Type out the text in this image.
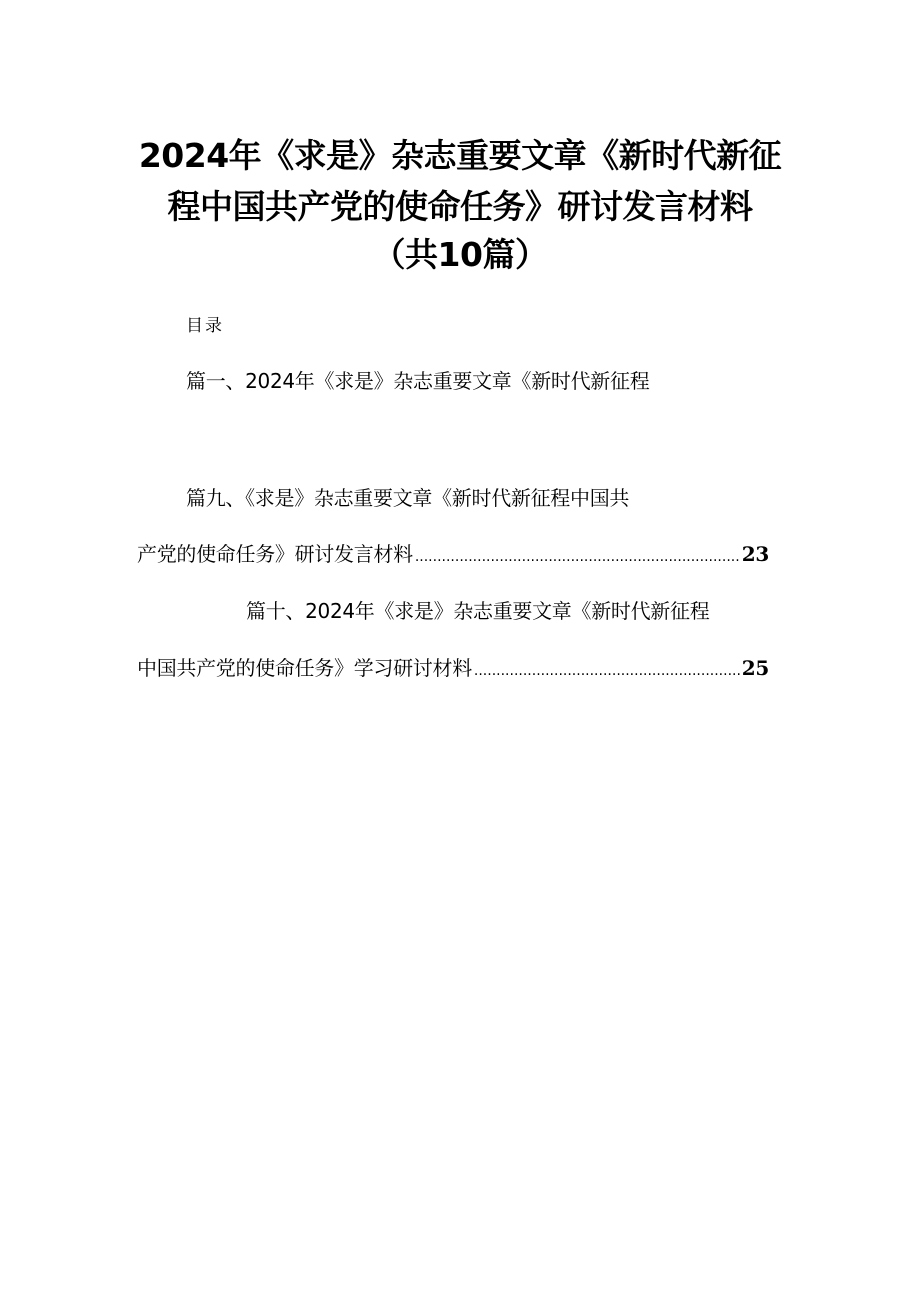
2024年《求是》杂志重要文章《新时代新征
程中国共产党的使命任务》研讨发言材料
（共10篇）
目录
篇一、2024年《求是》杂志重要文章《新时代新征程
篇九、《求是》杂志重要文章《新时代新征程中国共
产党的使命任务》研讨发言材料 .....	23
篇十、2024年《求是》杂志重要文章《新时代新征程
中国共产党的使命任务》学习研讨材料 .....	25
